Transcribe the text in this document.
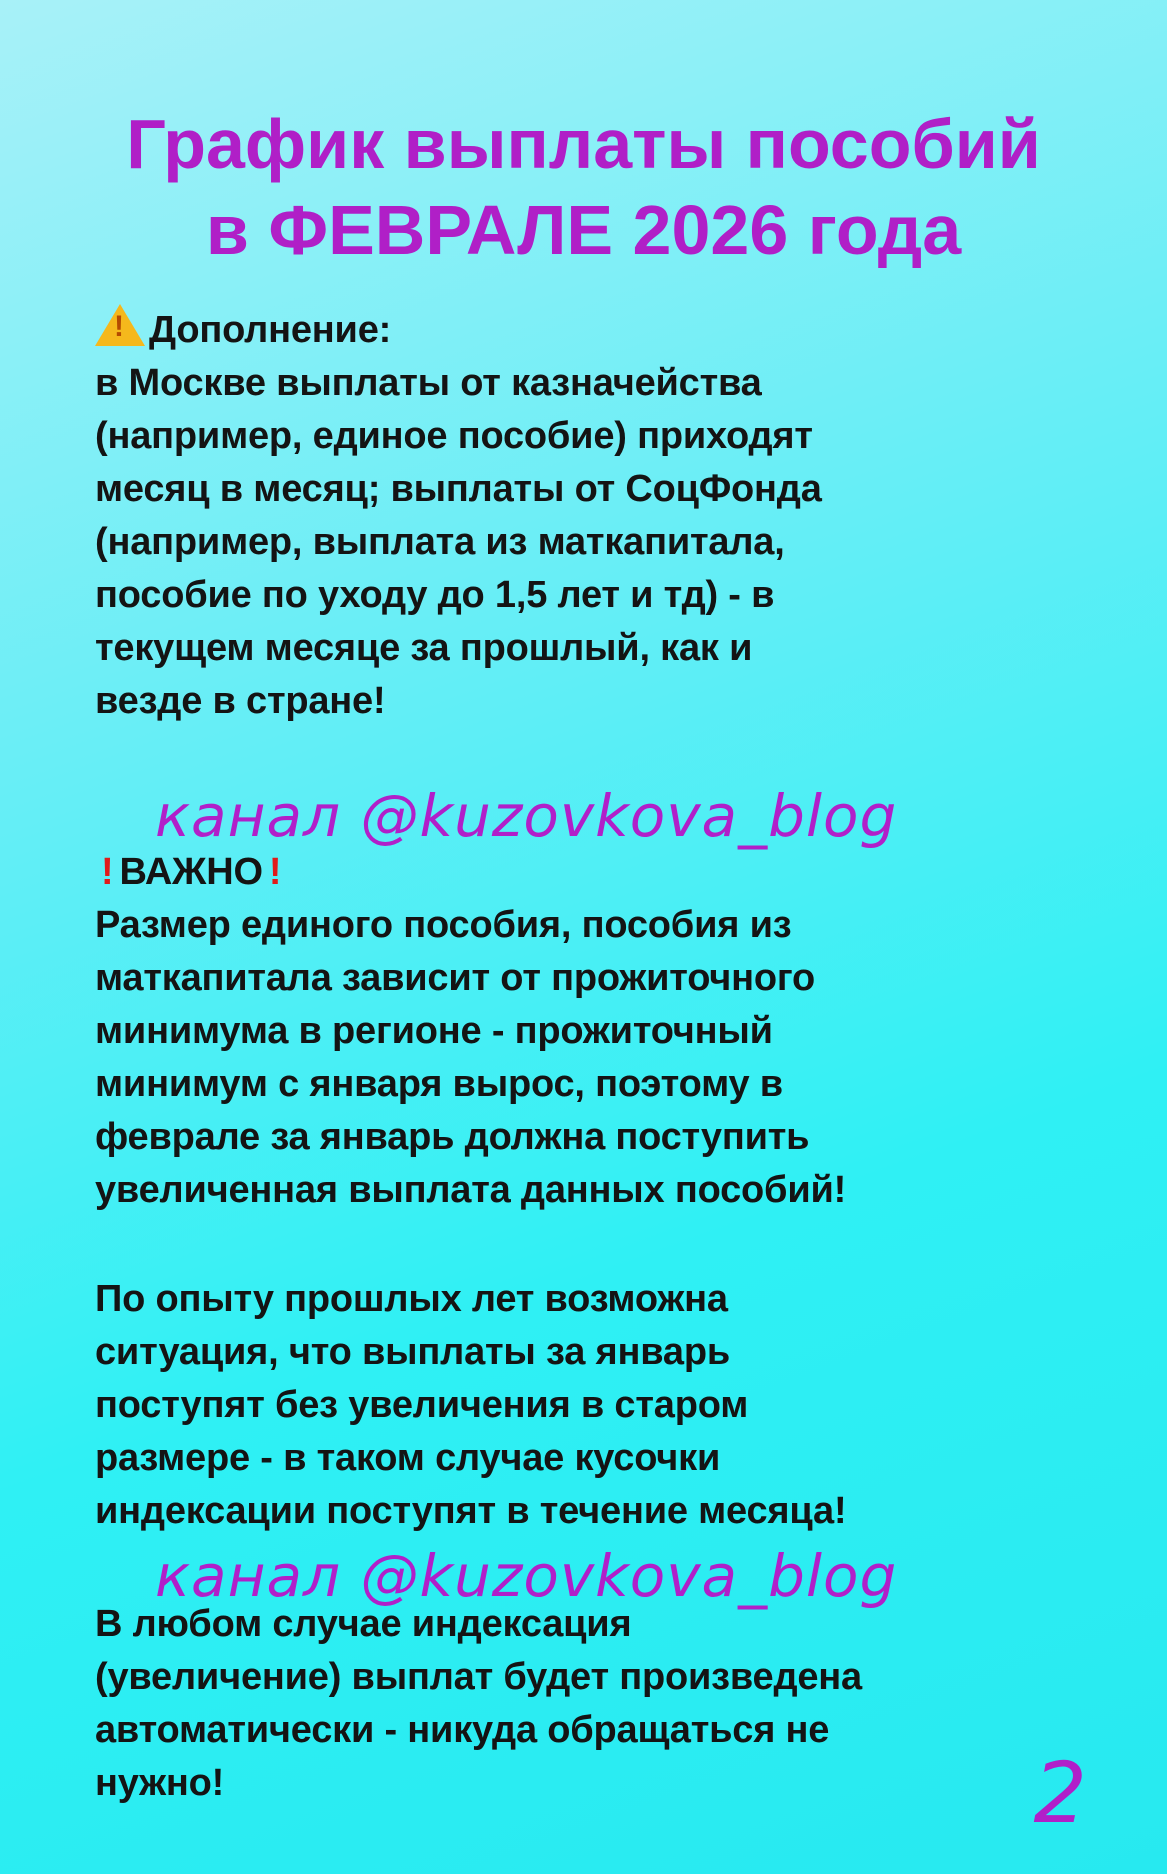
График выплаты пособий
в ФЕВРАЛЕ 2026 года
!Дополнение:
в Москве выплаты от казначейства
(например, единое пособие) приходят
месяц в месяц; выплаты от СоцФонда
(например, выплата из маткапитала,
пособие по уходу до 1,5 лет и тд) - в
текущем месяце за прошлый, как и
везде в стране!
канал @kuzovkova_blog
! ВАЖНО !
Размер единого пособия, пособия из
маткапитала зависит от прожиточного
минимума в регионе - прожиточный
минимум с января вырос, поэтому в
феврале за январь должна поступить
увеличенная выплата данных пособий!
По опыту прошлых лет возможна
ситуация, что выплаты за январь
поступят без увеличения в старом
размере - в таком случае кусочки
индексации поступят в течение месяца!
канал @kuzovkova_blog
В любом случае индексация
(увеличение) выплат будет произведена
автоматически - никуда обращаться не
нужно!	2
